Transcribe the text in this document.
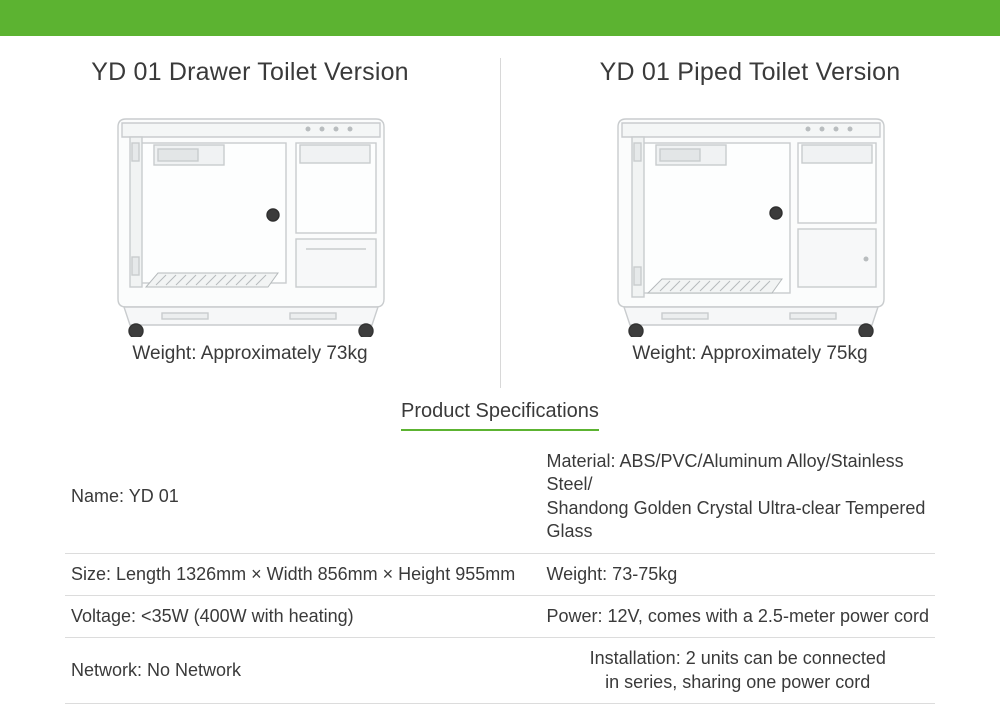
YD 01 Drawer Toilet Version
Weight: Approximately 73kg
YD 01 Piped Toilet Version
Weight: Approximately 75kg
Product Specifications
Name: YD 01	Material: ABS/PVC/Aluminum Alloy/Stainless Steel/
Shandong Golden Crystal Ultra-clear Tempered Glass

Size: Length 1326mm × Width 856mm × Height 955mm	Weight: 73-75kg
Voltage: <35W (400W with heating)	Power: 12V, comes with a 2.5-meter power cord
Network: No Network	Installation: 2 units can be connected
in series, sharing one power cord
